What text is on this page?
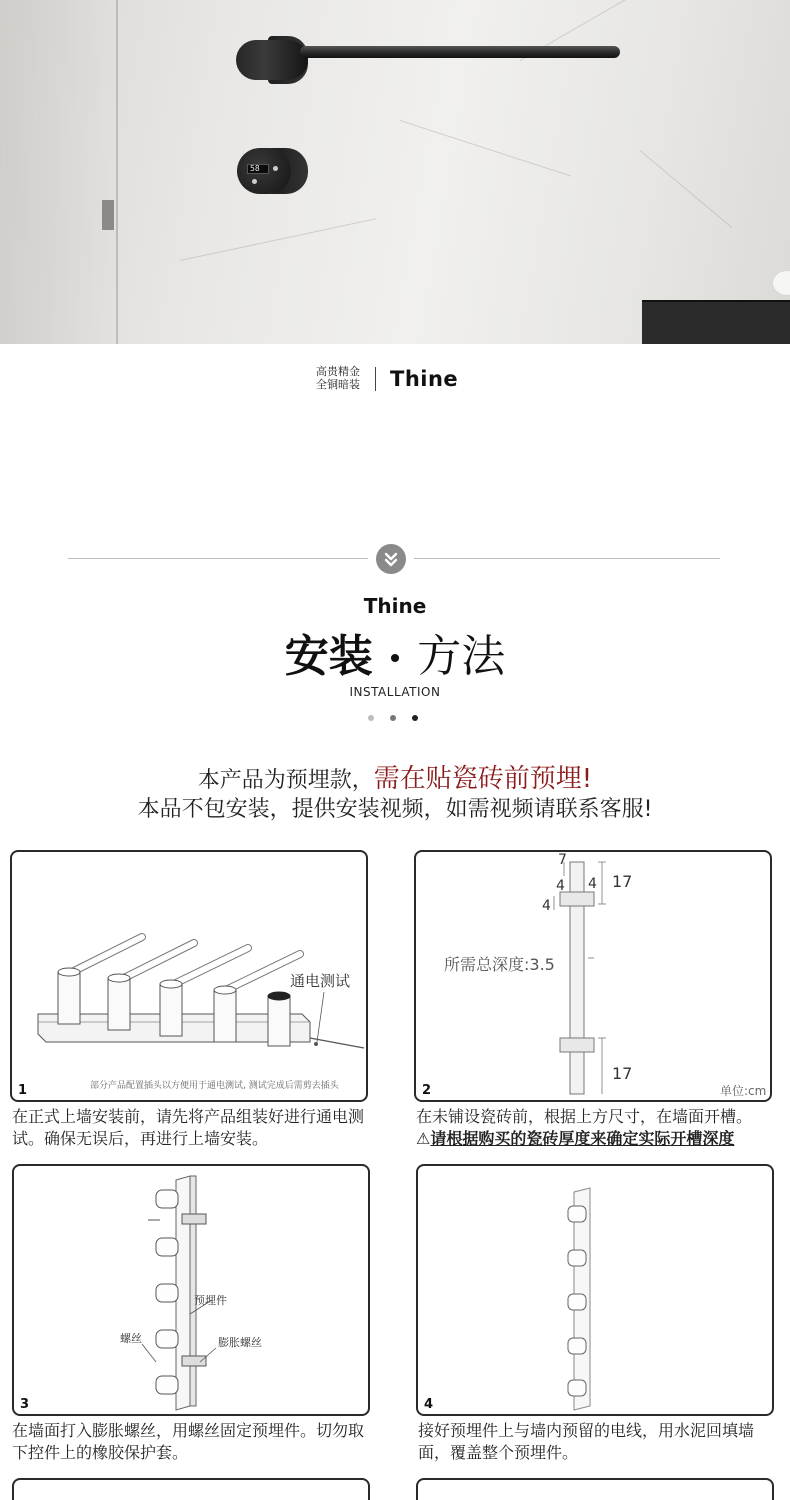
58
高贵精金
全铜暗装 Thine
Thine
安装 • 方法
INSTALLATION
本产品为预埋款，需在贴瓷砖前预埋!
本品不包安装，提供安装视频，如需视频请联系客服!
通电测试
部分产品配置插头以方便用于通电测试, 测试完成后需剪去插头
1
在正式上墙安装前，请先将产品组装好进行通电测试。确保无误后，再进行上墙安装。
7
4 4
4
17
17
所需总深度:3.5
单位:cm
2
在未铺设瓷砖前，根据上方尺寸，在墙面开槽。
⚠请根据购买的瓷砖厚度来确定实际开槽深度
预埋件
螺丝	膨胀螺丝
3
在墙面打入膨胀螺丝，用螺丝固定预埋件。切勿取下控件上的橡胶保护套。
4
接好预埋件上与墙内预留的电线，用水泥回填墙面，覆盖整个预埋件。
